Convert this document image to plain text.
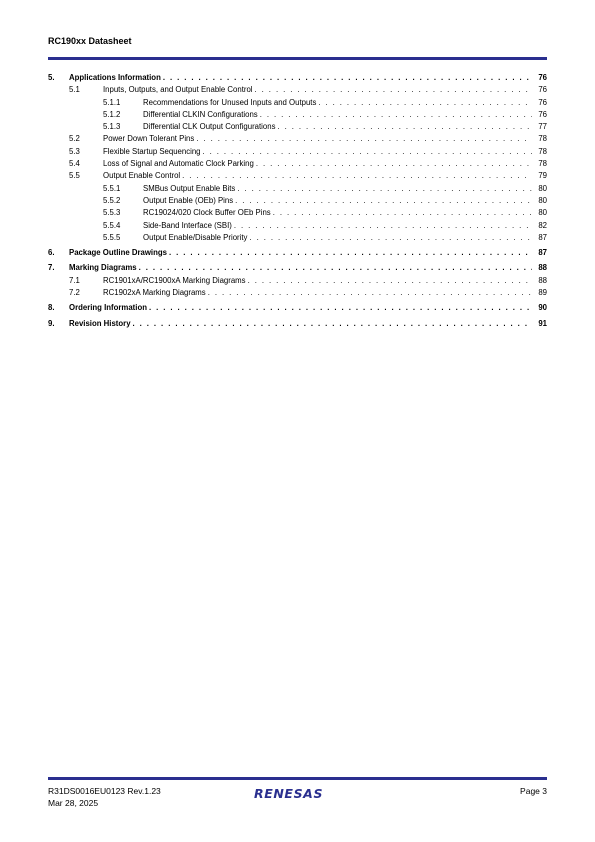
RC190xx Datasheet
5. Applications Information . . .	76
5.1	Inputs, Outputs, and Output Enable Control . . .	76
5.1.1	Recommendations for Unused Inputs and Outputs . . .	76
5.1.2	Differential CLKIN Configurations . . .	76
5.1.3	Differential CLK Output Configurations . . .	77
5.2	Power Down Tolerant Pins . . .	78
5.3	Flexible Startup Sequencing . . .	78
5.4	Loss of Signal and Automatic Clock Parking . . .	78
5.5	Output Enable Control . . .	79
5.5.1	SMBus Output Enable Bits . . .	80
5.5.2	Output Enable (OEb) Pins . . .	80
5.5.3	RC19024/020 Clock Buffer OEb Pins . . .	80
5.5.4	Side-Band Interface (SBI) . . .	82
5.5.5	Output Enable/Disable Priority . . .	87
6. Package Outline Drawings . . .	87
7. Marking Diagrams . . .	88
7.1	RC1901xA/RC1900xA Marking Diagrams . . .	88
7.2	RC1902xA Marking Diagrams . . .	89
8. Ordering Information . . .	90
9. Revision History . . .	91
R31DS0016EU0123 Rev.1.23
Mar 28, 2025
RENESAS	Page 3
